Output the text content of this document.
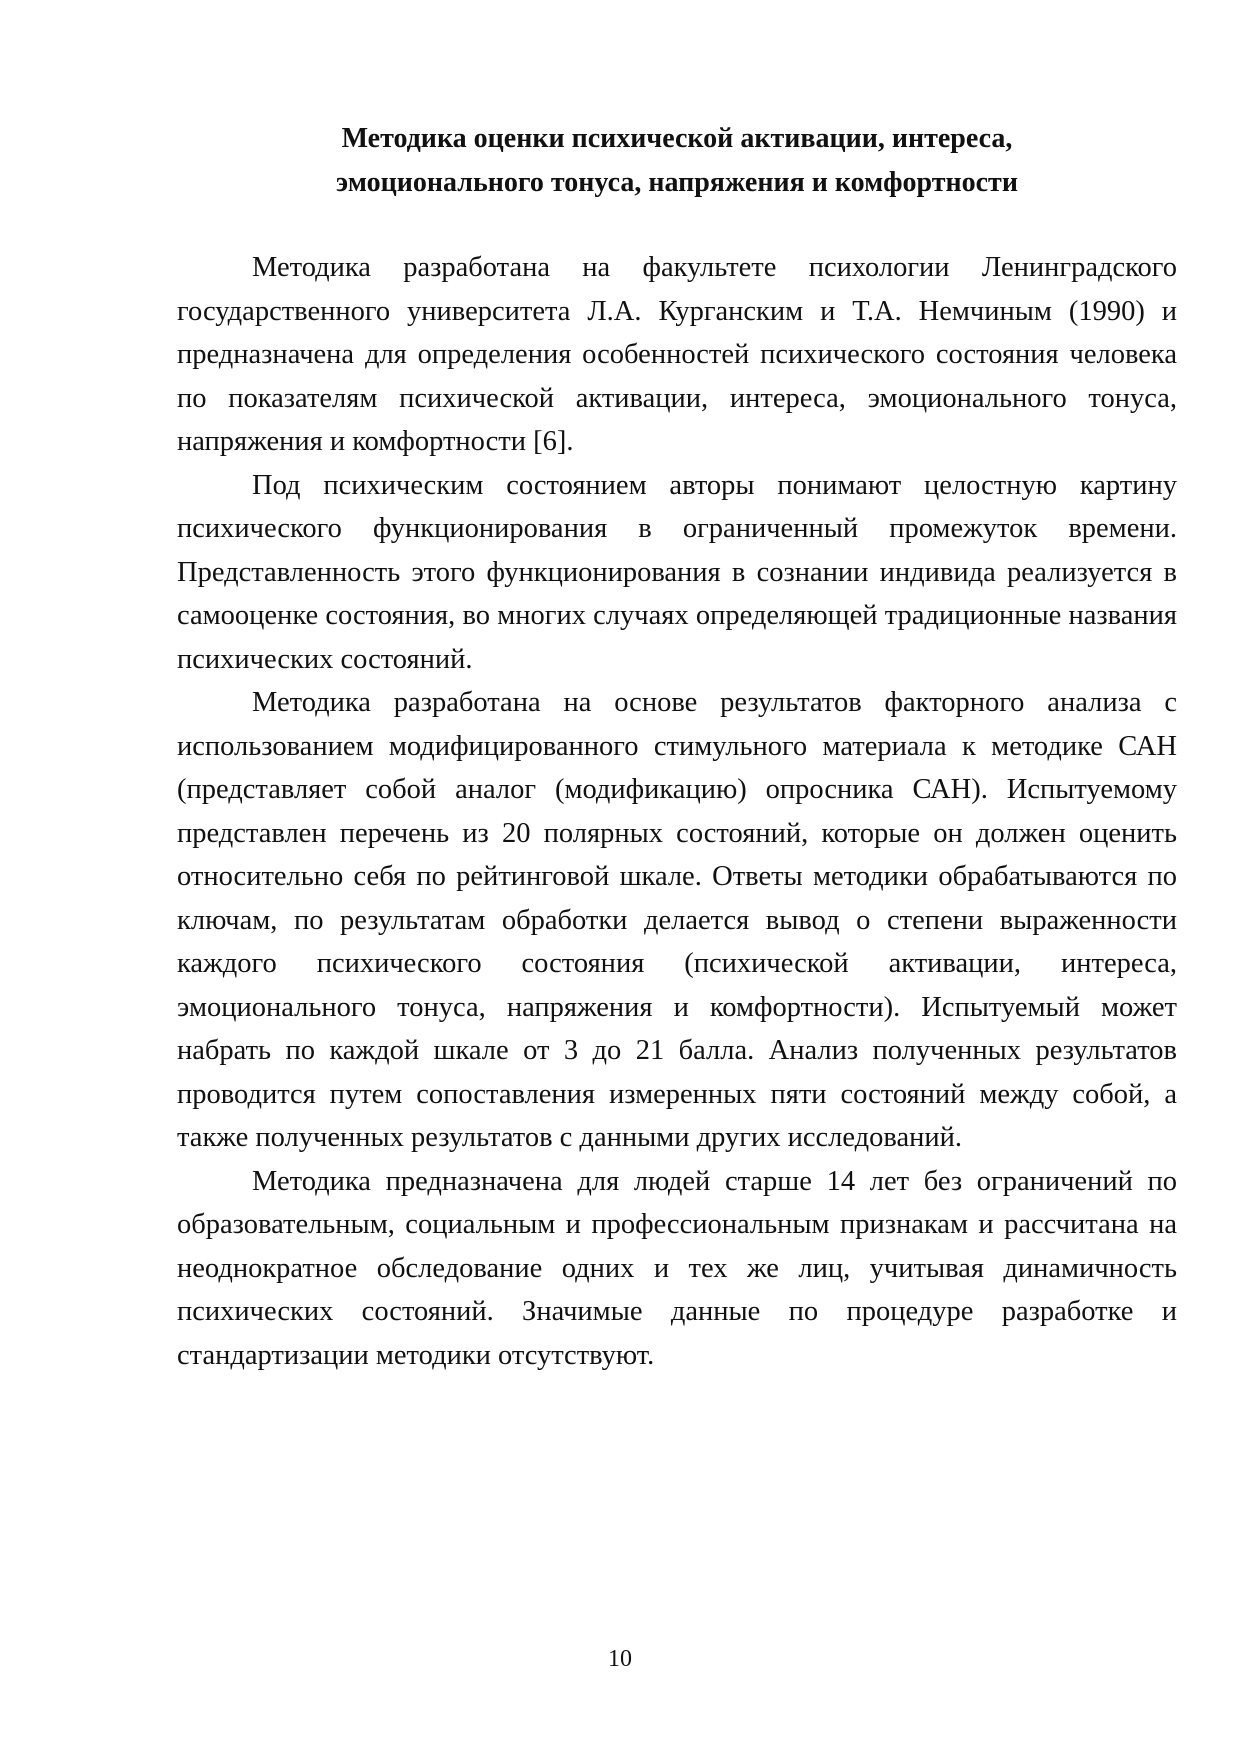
Методика оценки психической активации, интереса,
эмоционального тонуса, напряжения и комфортности

Методика разработана на факультете психологии Ленинградского государственного университета Л.А. Курганским и Т.А. Немчиным (1990) и предназначена для определения особенностей психического состояния человека по показателям психической активации, интереса, эмоционального тонуса, напряжения и комфортности [6].

Под психическим состоянием авторы понимают целостную картину психического функционирования в ограниченный промежуток времени. Представленность этого функционирования в сознании индивида реализуется в самооценке состояния, во многих случаях определяющей традиционные названия психических состояний.

Методика разработана на основе результатов факторного анализа с использованием модифицированного стимульного материала к методике САН (представляет собой аналог (модификацию) опросника САН). Испытуемому представлен перечень из 20 полярных состояний, которые он должен оценить относительно себя по рейтинговой шкале. Ответы методики обрабатываются по ключам, по результатам обработки делается вывод о степени выраженности каждого психического состояния (психической активации, интереса, эмоционального тонуса, напряжения и комфортности). Испытуемый может набрать по каждой шкале от 3 до 21 балла. Анализ полученных результатов проводится путем сопоставления измеренных пяти состояний между собой, а также полученных результатов с данными других исследований.

Методика предназначена для людей старше 14 лет без ограничений по образовательным, социальным и профессиональным признакам и рассчитана на неоднократное обследование одних и тех же лиц, учитывая динамичность психических состояний. Значимые данные по процедуре разработке и стандартизации методики отсутствуют.

10
